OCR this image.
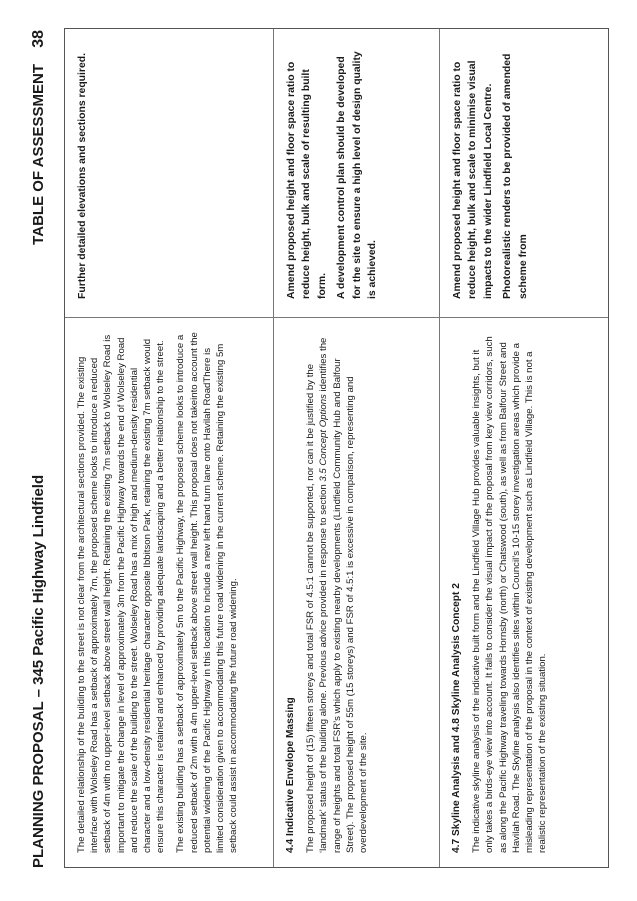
PLANNING PROPOSAL – 345 Pacific Highway Lindfield
TABLE OF ASSESSMENT 38

The detailed relationship of the building to the street is not clear from the architectural sections provided. The existing interface with Wolseley Road has a setback of approximately 7m, the proposed scheme looks to introduce a reduced setback of 4m with no upper-level setback above street wall height. Retaining the existing 7m setback to Wolseley Road is important to mitigate the change in level of approximately 3m from the Pacific Highway towards the end of Wolseley Road and reduce the scale of the building to the street. Wolseley Road has a mix of high and medium-density residential character and a low-density residential heritage character opposite Ibbitson Park, retaining the existing 7m setback would ensure this character is retained and enhanced by providing adequate landscaping and a better relationship to the street. The existing building has a setback of approximately 5m to the Pacific Highway, the proposed scheme looks to introduce a reduced setback of 2m with a 4m upper-level setback above street wall height. This proposal does not takeinto account the potential widening of the Pacific Highway in this location to include a new left hand turn lane onto Havilah RoadThere is limited consideration given to accommodating this future road widening in the current scheme. Retaining the existing 5m setback could assist in accommodating the future road widening.

Further detailed elevations and sections required.

4.4 Indicative Envelope Massing The proposed height of (15) fifteen storeys and total FSR of 4.5:1 cannot be supported, nor can it be justified by the ‘landmark’ status of the building alone. Previous advice provided in response to section 3.5 Concept Options identifies the range of heights and total FSR’s which apply to existing nearby developments (Lindfield Community Hub and Balfour Street). The proposed height of 55m (15 storeys) and FSR of 4.5:1 is excessive in comparison, representing and overdevelopment of the site.

Amend proposed height and floor space ratio to reduce height, bulk and scale of resulting built form. A development control plan should be developed for the site to ensure a high level of design quality is achieved.

4.7 Skyline Analysis and 4.8 Skyline Analysis Concept 2 The indicative skyline analysis of the indicative built form and the Lindfield Village Hub provides valuable insights, but it only takes a birds-eye view into account. It fails to consider the visual impact of the proposal from key view corridors, such as along the Pacific Highway traveling towards Hornsby (north) or Chatswood (south), as well as from Balfour Street and Havilah Road. The Skyline analysis also identifies sites within Council’s 10-15 storey investigation areas which provide a misleading representation of the proposal in the context of existing development such as Lindfield Village. This is not a realistic representation of the existing situation.

Amend proposed height and floor space ratio to reduce height, bulk and scale to minimise visual impacts to the wider Lindfield Local Centre. Photorealistic renders to be provided of amended scheme from
